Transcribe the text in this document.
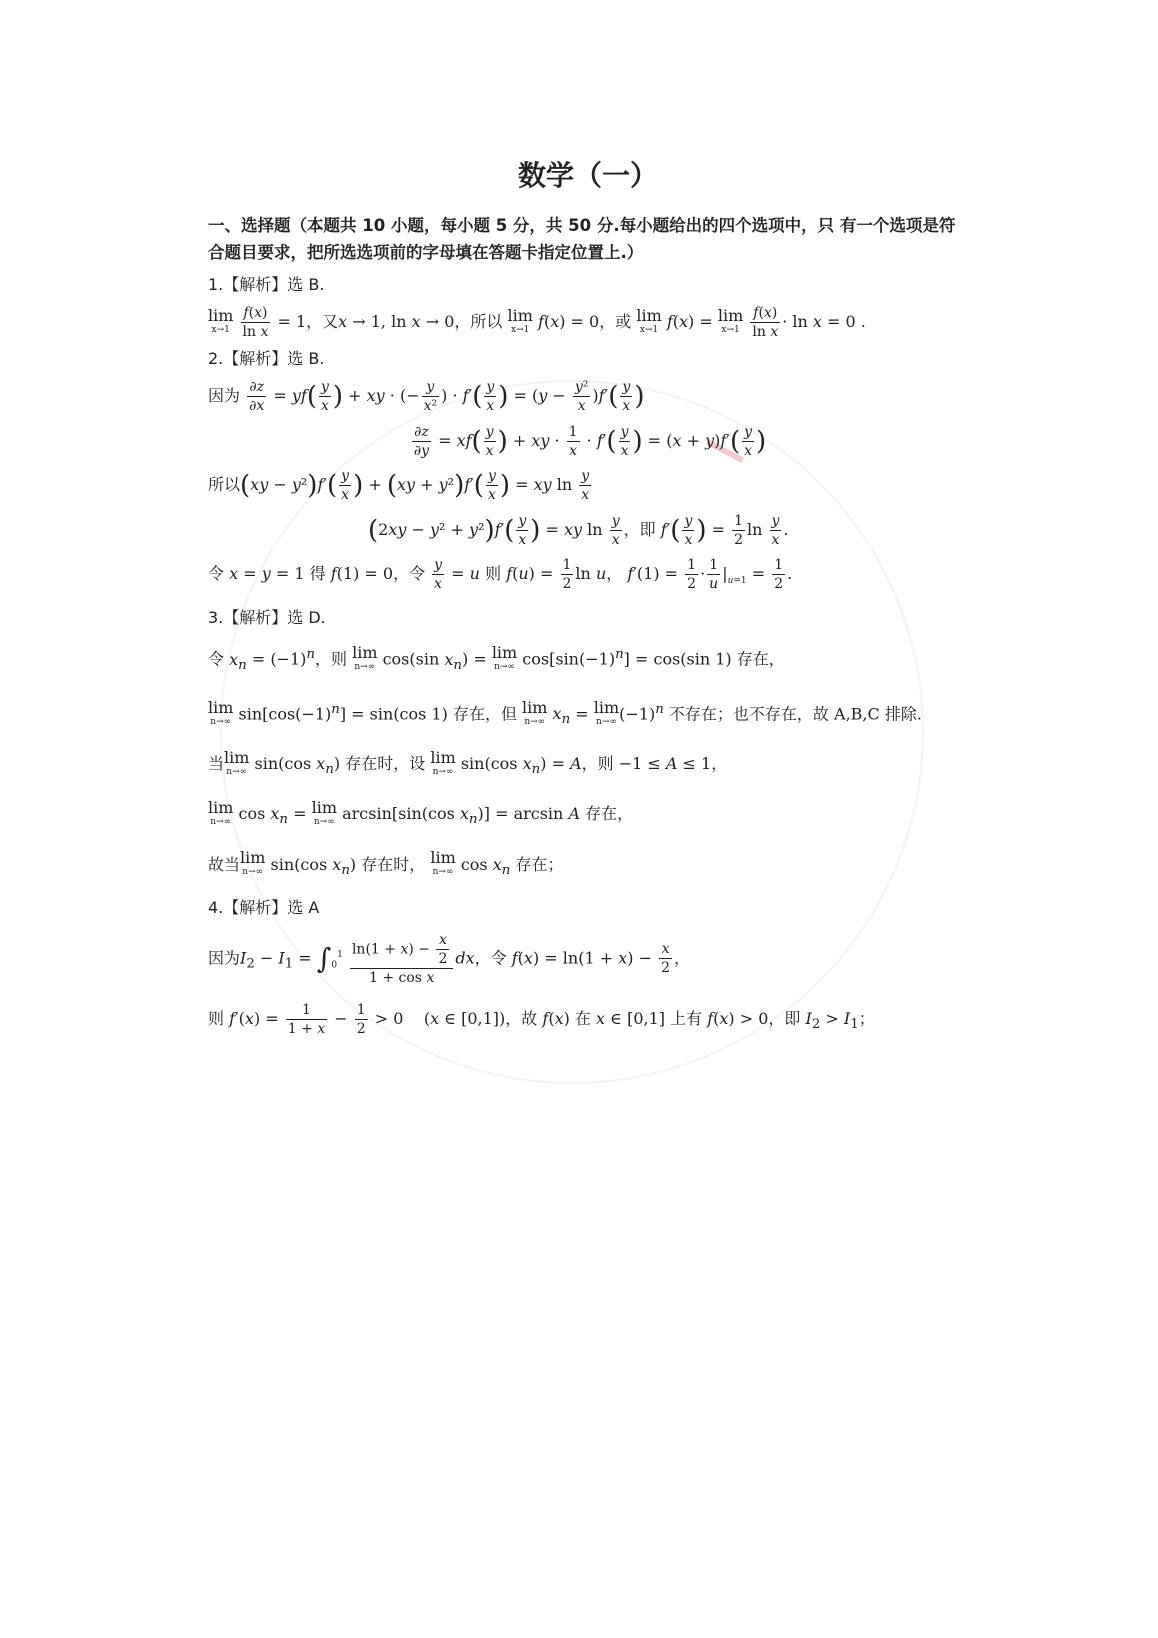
数学（一）
一、选择题（本题共 10 小题，每小题 5 分，共 50 分.每小题给出的四个选项中，只 有一个选项是符合题目要求，把所选选项前的字母填在答题卡指定位置上.）
1.【解析】选 B.
lim
x→1
$\frac{f(x)}{\text{ln x}} = 1$，又x → 1, ln x → 0，所以 lim
x→1 f(x) = 0，或 lim
x→1 f(x) = lim
x→1
$\frac{f(x)}{\text{ln x}} \cdot \ln x = 0$ .
2.【解析】选 B.
因为 $\frac{\partial z}{\partial x} = yf( \frac{y}{x}$ ) + xy · (− $\frac{y}{\text{x²}}$ ) · $f'( \frac{y}{x}$ ) = $(y - \frac{\text{y²}}{x} )f'( \frac{y}{x}$ )
$\frac{\partial z}{\partial y} = xf( \frac{y}{x}$ ) + xy · $\frac{1}{x} \cdot f'( \frac{y}{x}$ ) = $(x + y)f'( \frac{y}{x}$ )
所以$(xy - y^2)f'( \frac{y}{x}$ ) + $(xy + y^2)f'( \frac{y}{x}$ ) = xy $\ln \frac{y}{x}$
$(2xy - y^2 + y^2)f'( \frac{y}{x}$ ) = xy $\ln \frac{y}{x}$ ，即 $f'( \frac{y}{x}$ ) = $\frac{1}{2}$ $\ln \frac{y}{x}$ .
令 x = y = 1 得 f(1) = 0，令 $\frac{y}{x} = u$ 则 $f(u) = \frac{1}{2}$ ln u， $f'(1) = \frac{1}{2} \cdot \frac{1}{u} |_{u=1} = \frac{1}{2}$ .
3.【解析】选 D.
令 $x_n = (-1)^n$，则 lim
n→∞ cos(sin $x_n) = \lim$
n→∞ $\cos[\sin(-1)^n] = \cos(\sin$ 1) 存在，
lim
n→∞ $\sin[\cos(-1)^n] = \sin(\cos$ 1) 存在，但 lim
n→∞ $x_n = \lim$
n→∞ $(-1)^n$ 不存在；也不存在，故 A,B,C 排除.
当lim
n→∞ sin(cos $x_n$) 存在时，设 lim
n→∞ sin(cos $x_n) = A$，则 −1 ≤ A ≤ 1，
lim
n→∞ $\cos x_n = \lim$
n→∞ arcsin[sin(cos $x_n)] = \arcsin A$ 存在，
故当lim
n→∞ sin(cos $x_n$) 存在时， lim
n→∞ $\cos x_n$ 存在；
4.【解析】选 A
因为$I_2 - I_1 = \int_0^1 \frac{\ln(1 + x) - \frac{x}{2}}{\text{1 + cos x}}$ dx，令 $f(x) = \ln(1 + x) - \frac{x}{2}$ ，
则 $f'(x) = \frac{1}{1 + x} - \frac{1}{2} > 0$    (x ∈ [0,1])，故 f(x) 在 x ∈ [0,1] 上有 f(x) > 0，即 $I_2 > I_1$；
